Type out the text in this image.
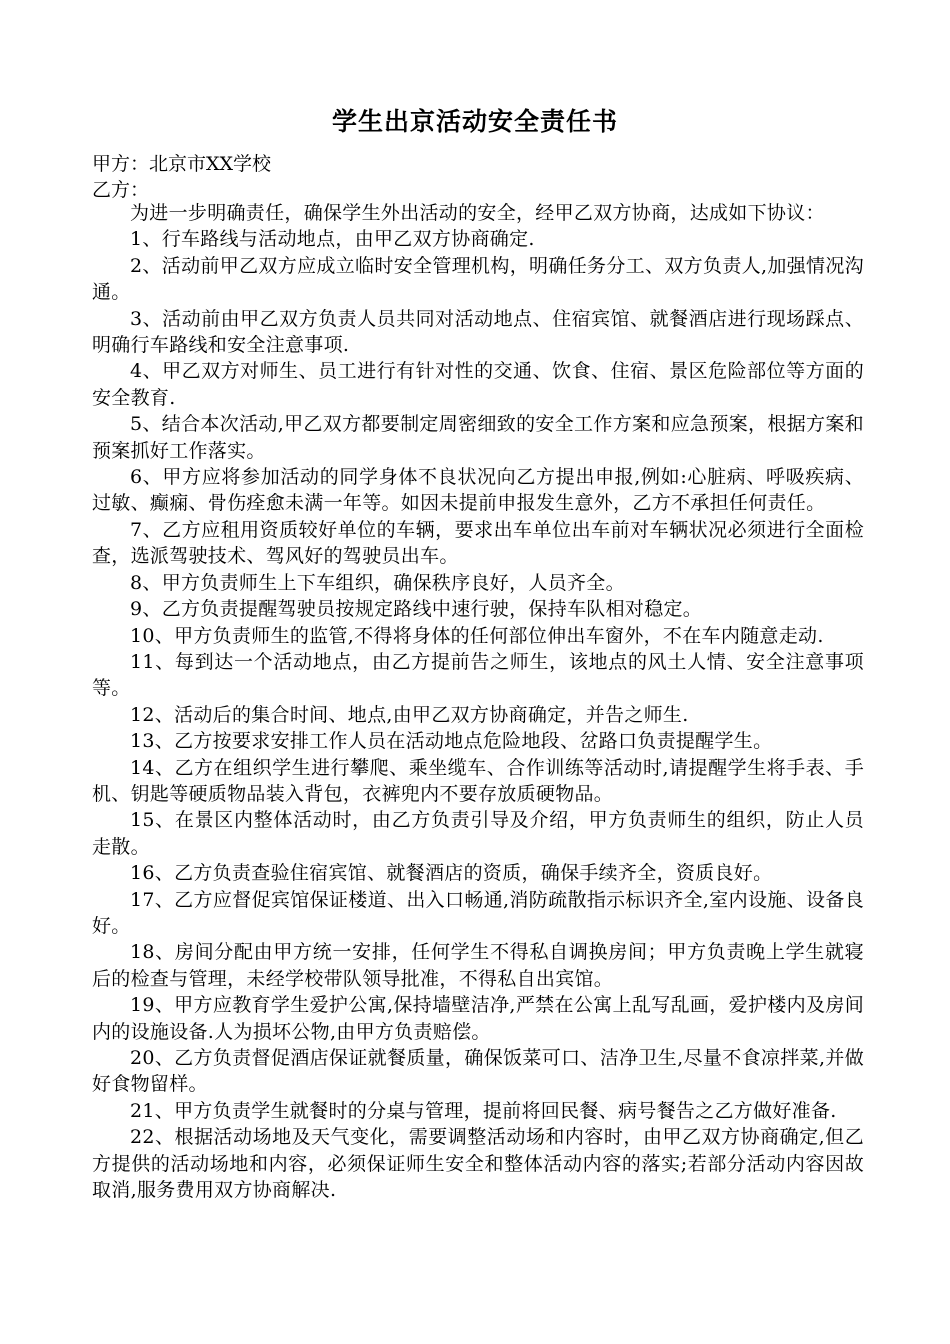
学生出京活动安全责任书

甲方：北京市XX学校

乙方：

为进一步明确责任，确保学生外出活动的安全，经甲乙双方协商，达成如下协议：

1、行车路线与活动地点，由甲乙双方协商确定.

2、活动前甲乙双方应成立临时安全管理机构，明确任务分工、双方负责人,加强情况沟通。

3、活动前由甲乙双方负责人员共同对活动地点、住宿宾馆、就餐酒店进行现场踩点、明确行车路线和安全注意事项.

4、甲乙双方对师生、员工进行有针对性的交通、饮食、住宿、景区危险部位等方面的安全教育.

5、结合本次活动,甲乙双方都要制定周密细致的安全工作方案和应急预案，根据方案和预案抓好工作落实。

6、甲方应将参加活动的同学身体不良状况向乙方提出申报,例如:心脏病、呼吸疾病、过敏、癫痫、骨伤痊愈未满一年等。如因未提前申报发生意外，乙方不承担任何责任。

7、乙方应租用资质较好单位的车辆，要求出车单位出车前对车辆状况必须进行全面检查，选派驾驶技术、驾风好的驾驶员出车。

8、甲方负责师生上下车组织，确保秩序良好，人员齐全。

9、乙方负责提醒驾驶员按规定路线中速行驶，保持车队相对稳定。

10、甲方负责师生的监管,不得将身体的任何部位伸出车窗外，不在车内随意走动.

11、每到达一个活动地点，由乙方提前告之师生，该地点的风土人情、安全注意事项等。

12、活动后的集合时间、地点,由甲乙双方协商确定，并告之师生.

13、乙方按要求安排工作人员在活动地点危险地段、岔路口负责提醒学生。

14、乙方在组织学生进行攀爬、乘坐缆车、合作训练等活动时,请提醒学生将手表、手机、钥匙等硬质物品装入背包，衣裤兜内不要存放质硬物品。

15、在景区内整体活动时，由乙方负责引导及介绍，甲方负责师生的组织，防止人员走散。

16、乙方负责查验住宿宾馆、就餐酒店的资质，确保手续齐全，资质良好。

17、乙方应督促宾馆保证楼道、出入口畅通,消防疏散指示标识齐全,室内设施、设备良好。

18、房间分配由甲方统一安排，任何学生不得私自调换房间；甲方负责晚上学生就寝后的检查与管理，未经学校带队领导批准，不得私自出宾馆。

19、甲方应教育学生爱护公寓,保持墙壁洁净,严禁在公寓上乱写乱画，爱护楼内及房间内的设施设备.人为损坏公物,由甲方负责赔偿。

20、乙方负责督促酒店保证就餐质量，确保饭菜可口、洁净卫生,尽量不食凉拌菜,并做好食物留样。

21、甲方负责学生就餐时的分桌与管理，提前将回民餐、病号餐告之乙方做好准备.

22、根据活动场地及天气变化，需要调整活动场和内容时，由甲乙双方协商确定,但乙方提供的活动场地和内容，必须保证师生安全和整体活动内容的落实;若部分活动内容因故取消,服务费用双方协商解决.
